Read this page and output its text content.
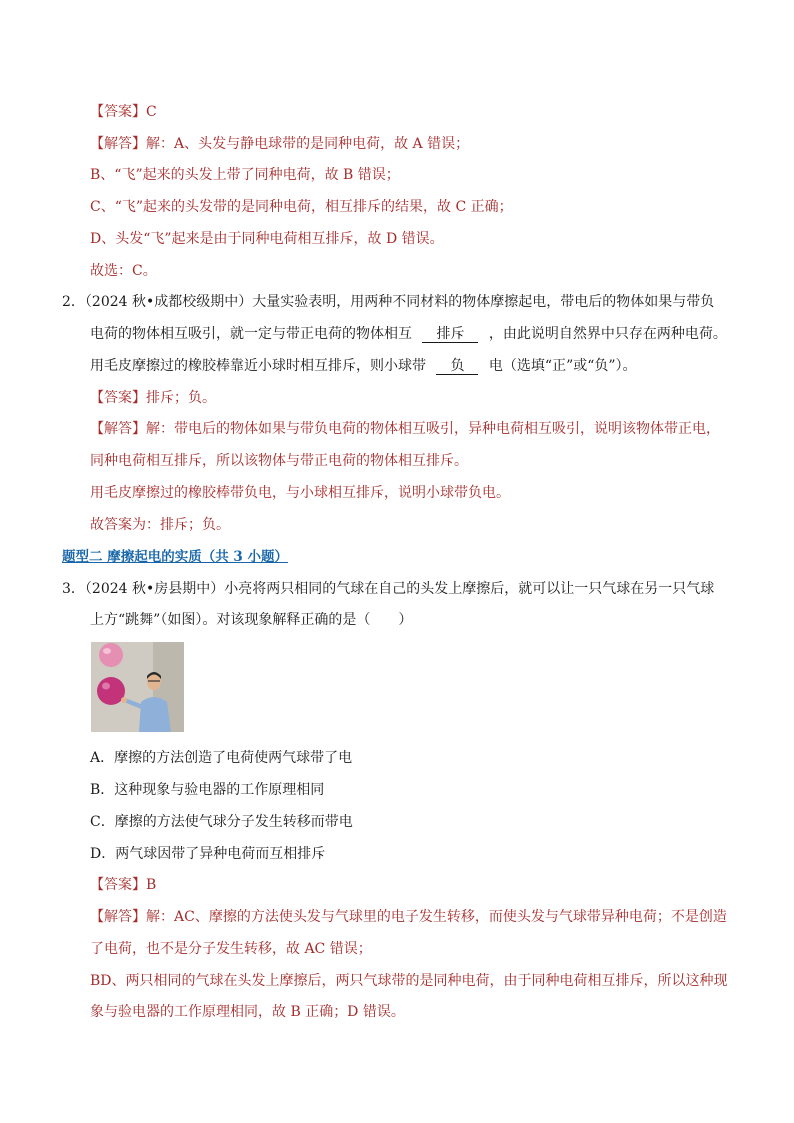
【答案】C
【解答】解：A、头发与静电球带的是同种电荷，故 A 错误；
B、“飞”起来的头发上带了同种电荷，故 B 错误；
C、“飞”起来的头发带的是同种电荷，相互排斥的结果，故 C 正确；
D、头发“飞”起来是由于同种电荷相互排斥，故 D 错误。
故选：C。
2．（2024 秋•成都校级期中）大量实验表明，用两种不同材料的物体摩擦起电，带电后的物体如果与带负
电荷的物体相互吸引，就一定与带正电荷的物体相互 排斥 ，由此说明自然界中只存在两种电荷。
用毛皮摩擦过的橡胶棒靠近小球时相互排斥，则小球带 负 电（选填“正”或“负”）。
【答案】排斥；负。
【解答】解：带电后的物体如果与带负电荷的物体相互吸引，异种电荷相互吸引，说明该物体带正电，
同种电荷相互排斥，所以该物体与带正电荷的物体相互排斥。
用毛皮摩擦过的橡胶棒带负电，与小球相互排斥，说明小球带负电。
故答案为：排斥；负。
题型二 摩擦起电的实质（共 3 小题）
3．（2024 秋•房县期中）小亮将两只相同的气球在自己的头发上摩擦后，就可以让一只气球在另一只气球
上方“跳舞”（如图）。对该现象解释正确的是（　　）
A．摩擦的方法创造了电荷使两气球带了电
B．这种现象与验电器的工作原理相同
C．摩擦的方法使气球分子发生转移而带电
D．两气球因带了异种电荷而互相排斥
【答案】B
【解答】解：AC、摩擦的方法使头发与气球里的电子发生转移，而使头发与气球带异种电荷；不是创造
了电荷，也不是分子发生转移，故 AC 错误；
BD、两只相同的气球在头发上摩擦后，两只气球带的是同种电荷，由于同种电荷相互排斥，所以这种现
象与验电器的工作原理相同，故 B 正确；D 错误。
